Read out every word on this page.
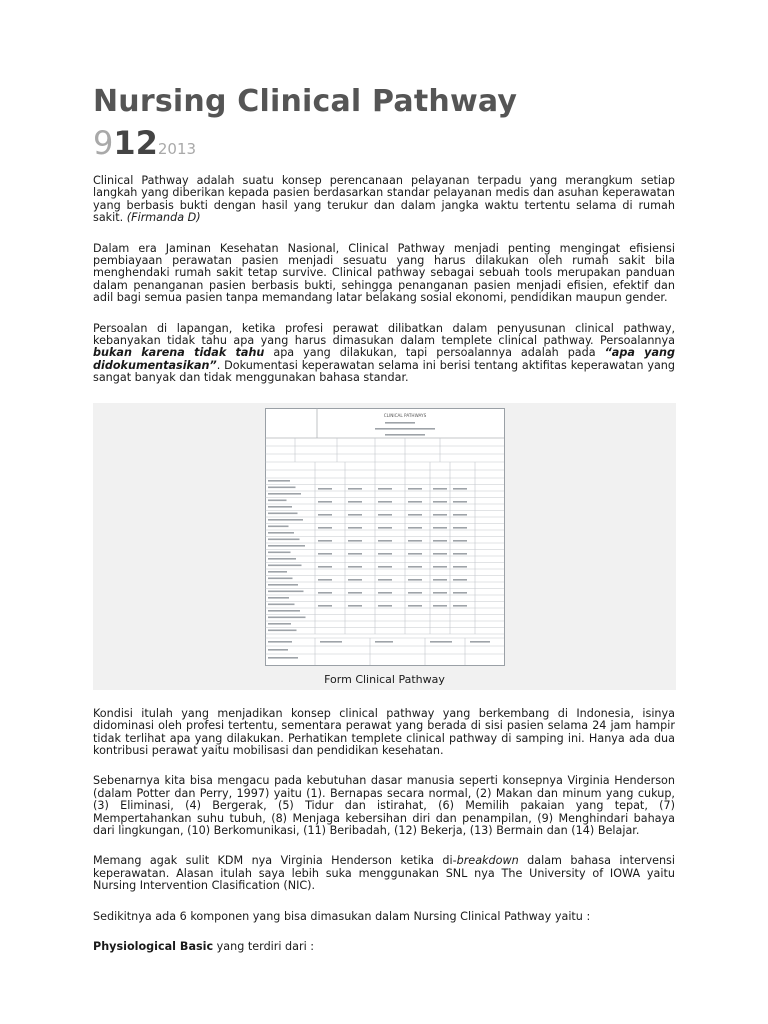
Nursing Clinical Pathway
9122013

Clinical Pathway adalah suatu konsep perencanaan pelayanan terpadu yang merangkum setiap langkah yang diberikan kepada pasien berdasarkan standar pelayanan medis dan asuhan keperawatan yang berbasis bukti dengan hasil yang terukur dan dalam jangka waktu tertentu selama di rumah sakit. (Firmanda D)

Dalam era Jaminan Kesehatan Nasional, Clinical Pathway menjadi penting mengingat efisiensi pembiayaan perawatan pasien menjadi sesuatu yang harus dilakukan oleh rumah sakit bila menghendaki rumah sakit tetap survive. Clinical pathway sebagai sebuah tools merupakan panduan dalam penanganan pasien berbasis bukti, sehingga penanganan pasien menjadi efisien, efektif dan adil bagi semua pasien tanpa memandang latar belakang sosial ekonomi, pendidikan maupun gender.

Persoalan di lapangan, ketika profesi perawat dilibatkan dalam penyusunan clinical pathway, kebanyakan tidak tahu apa yang harus dimasukan dalam templete clinical pathway. Persoalannya bukan karena tidak tahu apa yang dilakukan, tapi persoalannya adalah pada “apa yang didokumentasikan”. Dokumentasi keperawatan selama ini berisi tentang aktifitas keperawatan yang sangat banyak dan tidak menggunakan bahasa standar.

CLINICAL PATHWAYS
Form Clinical Pathway

Kondisi itulah yang menjadikan konsep clinical pathway yang berkembang di Indonesia, isinya didominasi oleh profesi tertentu, sementara perawat yang berada di sisi pasien selama 24 jam hampir tidak terlihat apa yang dilakukan. Perhatikan templete clinical pathway di samping ini. Hanya ada dua kontribusi perawat yaitu mobilisasi dan pendidikan kesehatan.

Sebenarnya kita bisa mengacu pada kebutuhan dasar manusia seperti konsepnya Virginia Henderson (dalam Potter dan Perry, 1997) yaitu (1). Bernapas secara normal, (2) Makan dan minum yang cukup, (3) Eliminasi, (4) Bergerak, (5) Tidur dan istirahat, (6) Memilih pakaian yang tepat, (7) Mempertahankan suhu tubuh, (8) Menjaga kebersihan diri dan penampilan, (9) Menghindari bahaya dari lingkungan, (10) Berkomunikasi, (11) Beribadah, (12) Bekerja, (13) Bermain dan (14) Belajar.

Memang agak sulit KDM nya Virginia Henderson ketika di-breakdown dalam bahasa intervensi keperawatan. Alasan itulah saya lebih suka menggunakan SNL nya The University of IOWA yaitu Nursing Intervention Clasification (NIC).

Sedikitnya ada 6 komponen yang bisa dimasukan dalam Nursing Clinical Pathway yaitu :

Physiological Basic yang terdiri dari :
